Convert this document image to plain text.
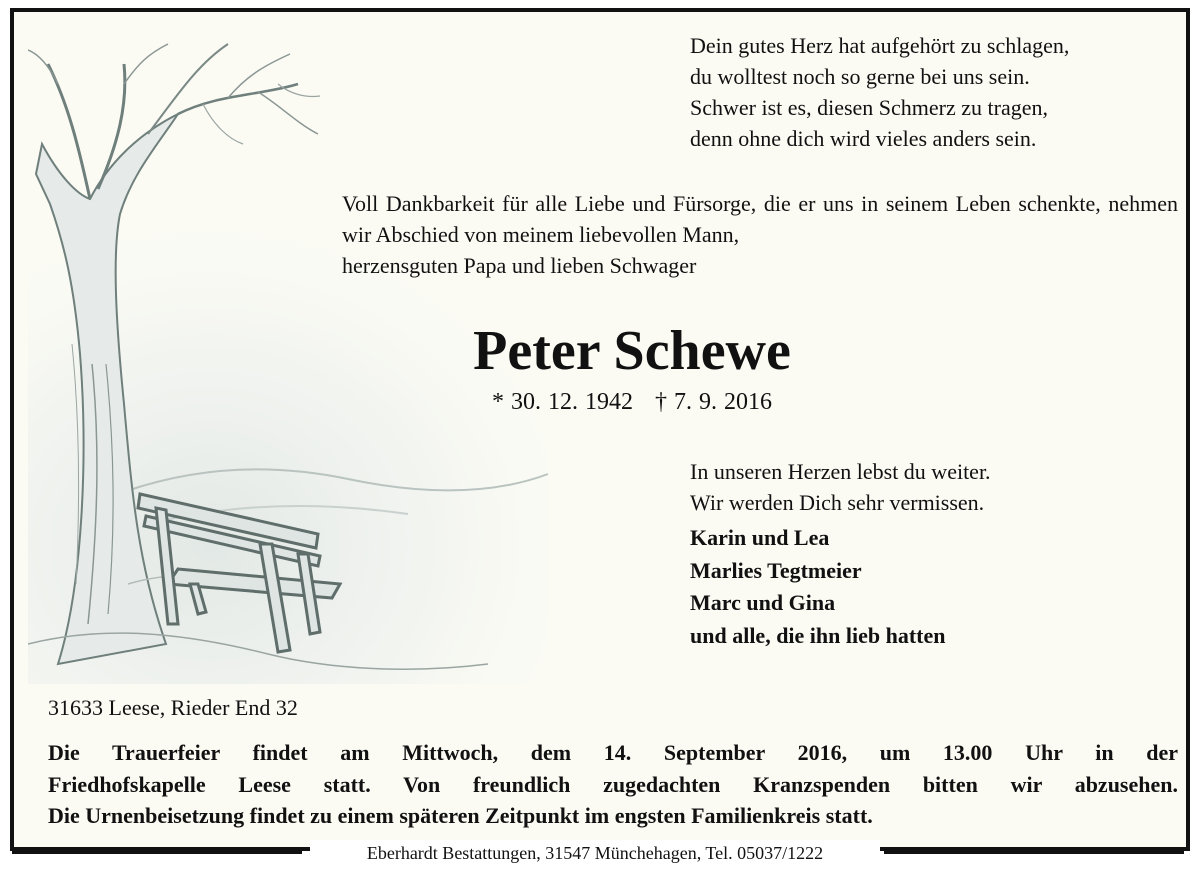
Dein gutes Herz hat aufgehört zu schlagen,
du wolltest noch so gerne bei uns sein.
Schwer ist es, diesen Schmerz zu tragen,
denn ohne dich wird vieles anders sein.
Voll Dankbarkeit für alle Liebe und Fürsorge, die er uns in seinem Leben schenkte, nehmen wir Abschied von meinem liebevollen Mann,
herzensguten Papa und lieben Schwager
Peter Schewe
* 30. 12. 1942 † 7. 9. 2016
In unseren Herzen lebst du weiter.
Wir werden Dich sehr vermissen.
Karin und Lea
Marlies Tegtmeier
Marc und Gina
und alle, die ihn lieb hatten
31633 Leese, Rieder End 32
Die Trauerfeier findet am Mittwoch, dem 14. September 2016, um 13.00 Uhr in der
Friedhofskapelle Leese statt. Von freundlich zugedachten Kranzspenden bitten wir abzusehen.
Die Urnenbeisetzung findet zu einem späteren Zeitpunkt im engsten Familienkreis statt.
Eberhardt Bestattungen, 31547 Münchehagen, Tel. 05037/1222
